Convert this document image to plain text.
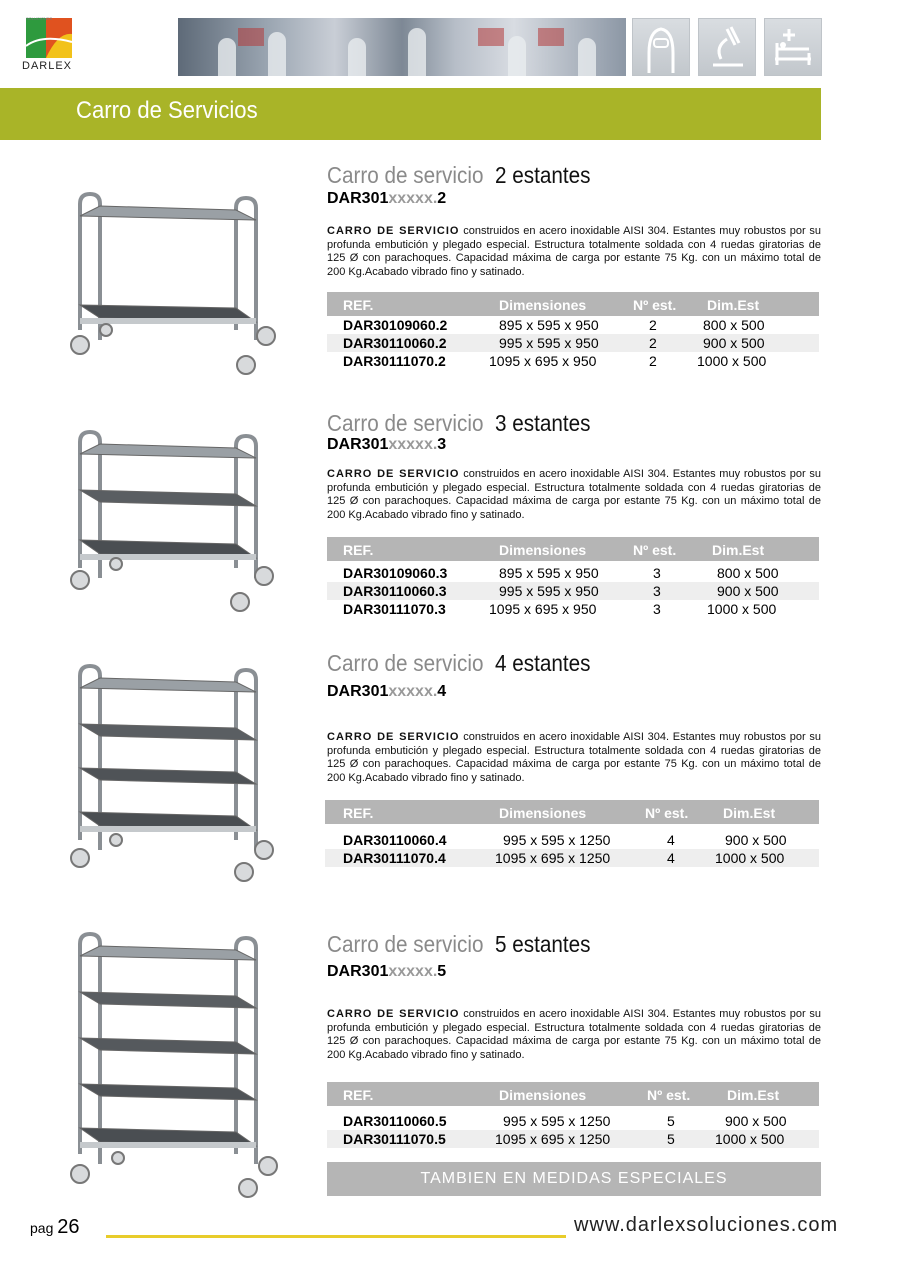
SOLUCIONES
DARLEX
Carro de Servicios
Carro de servicio 2 estantes
DAR301xxxxx.2
CARRO DE SERVICIO construidos en acero inoxidable AISI 304. Estantes muy robustos por su profunda embutición y plegado especial. Estructura totalmente soldada con 4 ruedas giratorias de 125 Ø con parachoques. Capacidad máxima de carga por estante 75 Kg. con un máximo total de 200 Kg.Acabado vibrado fino y satinado.
REF.	Dimensiones	Nº est. Dim.Est
DAR30109060.2	895 x 595 x 950	2	800 x 500
DAR30110060.2	995 x 595 x 950	2	900 x 500
DAR30111070.2	1095 x 695 x 950	2	1000 x 500
Carro de servicio 3 estantes
DAR301xxxxx.3
CARRO DE SERVICIO construidos en acero inoxidable AISI 304. Estantes muy robustos por su profunda embutición y plegado especial. Estructura totalmente soldada con 4 ruedas giratorias de 125 Ø con parachoques. Capacidad máxima de carga por estante 75 Kg. con un máximo total de 200 Kg.Acabado vibrado fino y satinado.
REF.	Dimensiones	Nº est.	Dim.Est
DAR30109060.3	895 x 595 x 950	3	800 x 500
DAR30110060.3	995 x 595 x 950	3	900 x 500
DAR30111070.3	1095 x 695 x 950	3	1000 x 500
Carro de servicio 4 estantes
DAR301xxxxx.4
CARRO DE SERVICIO construidos en acero inoxidable AISI 304. Estantes muy robustos por su profunda embutición y plegado especial. Estructura totalmente soldada con 4 ruedas giratorias de 125 Ø con parachoques. Capacidad máxima de carga por estante 75 Kg. con un máximo total de 200 Kg.Acabado vibrado fino y satinado.
REF.	Dimensiones	Nº est. Dim.Est
DAR30110060.4	995 x 595 x 1250	4	900 x 500
DAR30111070.4	1095 x 695 x 1250	4	1000 x 500
Carro de servicio 5 estantes
DAR301xxxxx.5
CARRO DE SERVICIO construidos en acero inoxidable AISI 304. Estantes muy robustos por su profunda embutición y plegado especial. Estructura totalmente soldada con 4 ruedas giratorias de 125 Ø con parachoques. Capacidad máxima de carga por estante 75 Kg. con un máximo total de 200 Kg.Acabado vibrado fino y satinado.
REF.	Dimensiones	Nº est.	Dim.Est
DAR30110060.5	995 x 595 x 1250	5	900 x 500
DAR30111070.5	1095 x 695 x 1250	5	1000 x 500
TAMBIEN EN MEDIDAS ESPECIALES
pag 26	www.darlexsoluciones.com
